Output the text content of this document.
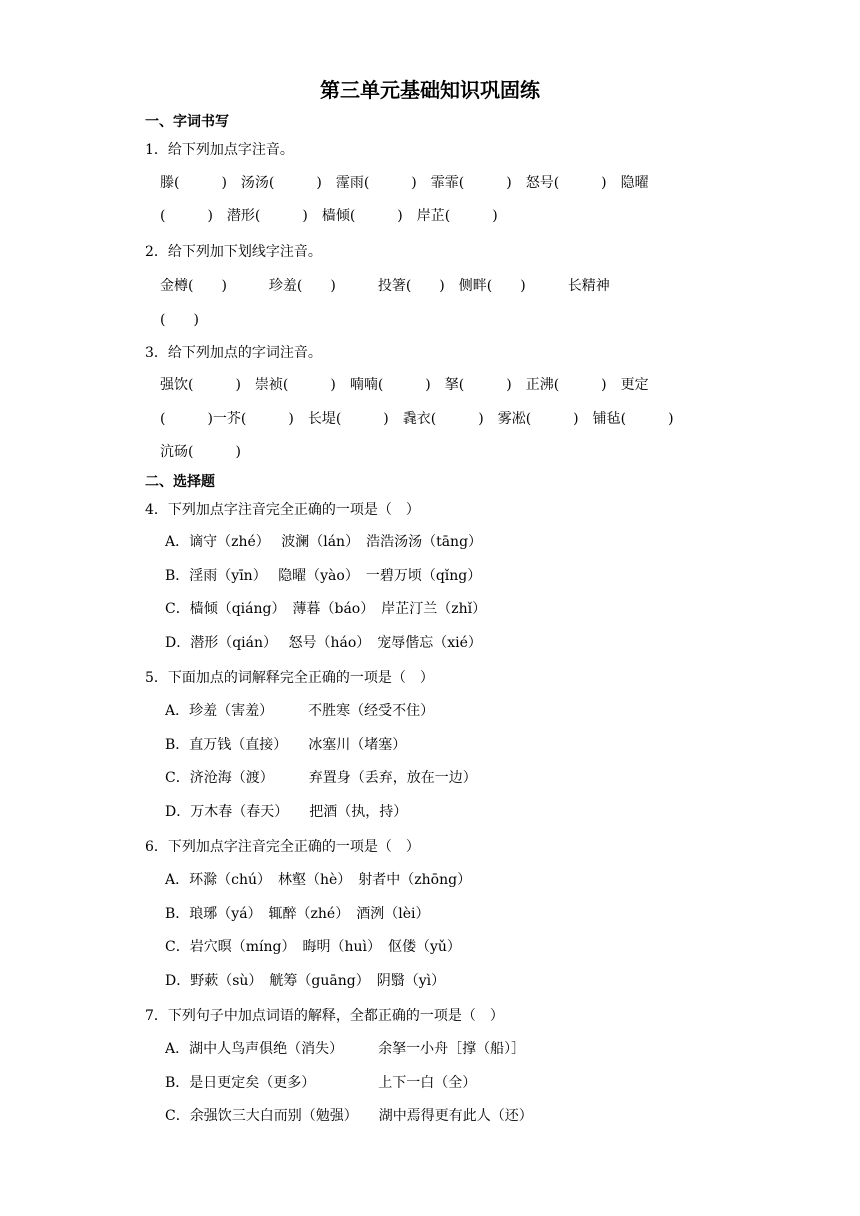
第三单元基础知识巩固练
一、字词书写
1．给下列加点字注音。
滕(　　　)　汤汤(　　　)　霪雨(　　　)　霏霏(　　　)　怒号(　　　)　隐曜
(　　　)　潜形(　　　)　樯倾(　　　)　岸芷(　　　)
2．给下列加下划线字注音。
金樽(　　)　　　珍羞(　　)　　　投箸(　　)　侧畔(　　)　　　长精神
(　　)
3．给下列加点的字词注音。
强饮(　　　)　崇祯(　　　)　喃喃(　　　)　拏(　　　)　正沸(　　　)　更定
(　　　)一芥(　　　)　长堤(　　　)　毳衣(　　　)　雾凇(　　　)　铺毡(　　　)
沆砀(　　　)
二、选择题
4．下列加点字注音完全正确的一项是（　）
A．谪守（zhé）　 波澜（lán）　浩浩汤汤（tāng）
B．淫雨（yīn）　 隐曜（yào）　一碧万顷（qǐng）
C．樯倾（qiáng）　薄暮（báo）　岸芷汀兰（zhǐ）
D．潜形（qián）　 怒号（háo）　宠辱偕忘（xié）
5．下面加点的词解释完全正确的一项是（　）
A．珍羞（害羞）　　　不胜寒（经受不住）
B．直万钱（直接）　　冰塞川（堵塞）
C．济沧海（渡）　　　弃置身（丢弃，放在一边）
D．万木春（春天）　　把酒（执，持）
6．下列加点字注音完全正确的一项是（　）
A．环滁（chú）　林壑（hè）　射者中（zhōng）
B．琅琊（yá）　辄醉（zhé）　酒洌（lèi）
C．岩穴暝（míng）　晦明（huì）　伛偻（yǔ）
D．野蔌（sù）　觥筹（guāng）　阴翳（yì）
7．下列句子中加点词语的解释，全都正确的一项是（　）
A．湖中人鸟声俱绝（消失）　　　余拏一小舟［撑（船）］
B．是日更定矣（更多）　　　　　上下一白（全）
C．余强饮三大白而别（勉强）　　湖中焉得更有此人（还）
